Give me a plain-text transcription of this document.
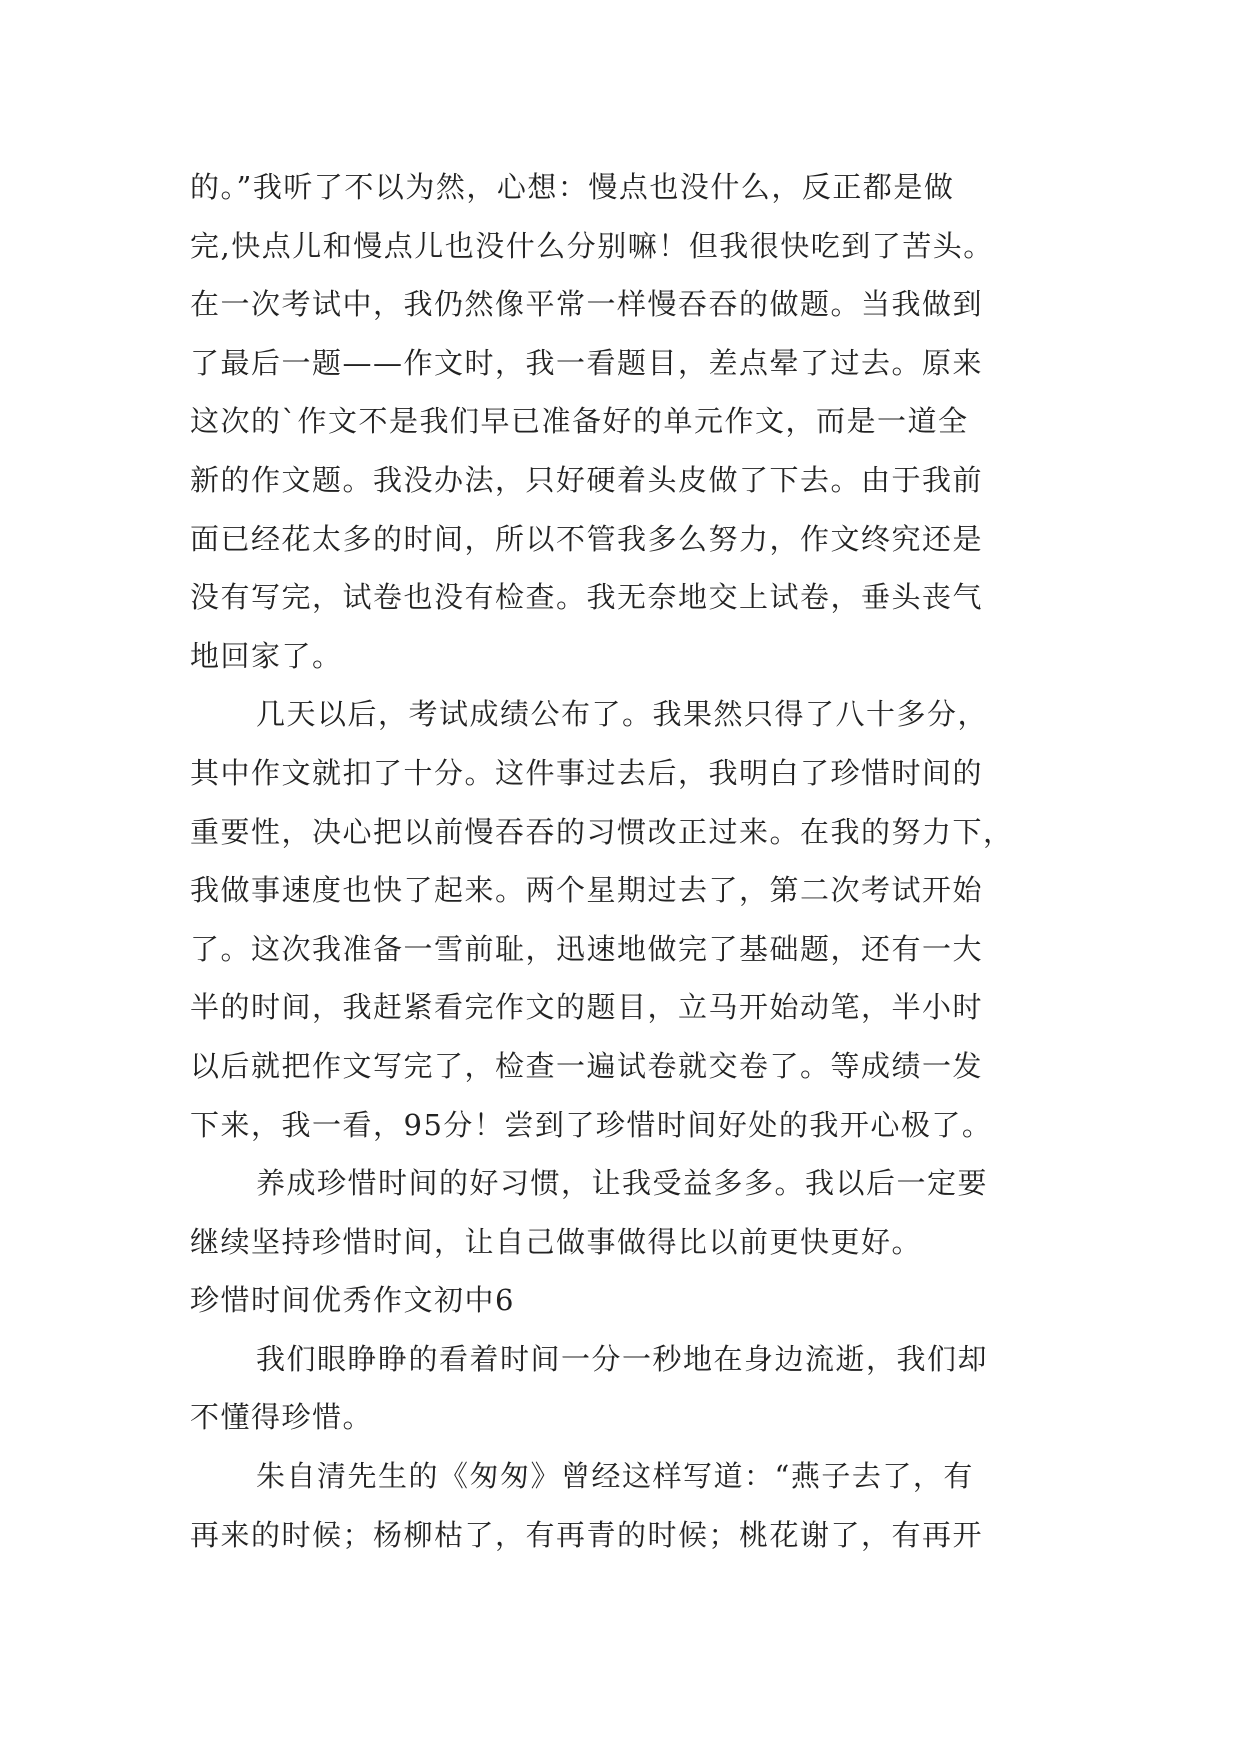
的。”我听了不以为然，心想：慢点也没什么，反正都是做

完,快点儿和慢点儿也没什么分别嘛！但我很快吃到了苦头。

在一次考试中，我仍然像平常一样慢吞吞的做题。当我做到

了最后一题——作文时，我一看题目，差点晕了过去。原来

这次的`作文不是我们早已准备好的单元作文，而是一道全

新的作文题。我没办法，只好硬着头皮做了下去。由于我前

面已经花太多的时间，所以不管我多么努力，作文终究还是

没有写完，试卷也没有检查。我无奈地交上试卷，垂头丧气

地回家了。

几天以后，考试成绩公布了。我果然只得了八十多分，

其中作文就扣了十分。这件事过去后，我明白了珍惜时间的

重要性，决心把以前慢吞吞的习惯改正过来。在我的努力下，

我做事速度也快了起来。两个星期过去了，第二次考试开始

了。这次我准备一雪前耻，迅速地做完了基础题，还有一大

半的时间，我赶紧看完作文的题目，立马开始动笔，半小时

以后就把作文写完了，检查一遍试卷就交卷了。等成绩一发

下来，我一看，95分！尝到了珍惜时间好处的我开心极了。

养成珍惜时间的好习惯，让我受益多多。我以后一定要

继续坚持珍惜时间，让自己做事做得比以前更快更好。

珍惜时间优秀作文初中6

我们眼睁睁的看着时间一分一秒地在身边流逝，我们却

不懂得珍惜。

朱自清先生的《匆匆》曾经这样写道：“燕子去了，有

再来的时候；杨柳枯了，有再青的时候；桃花谢了，有再开
